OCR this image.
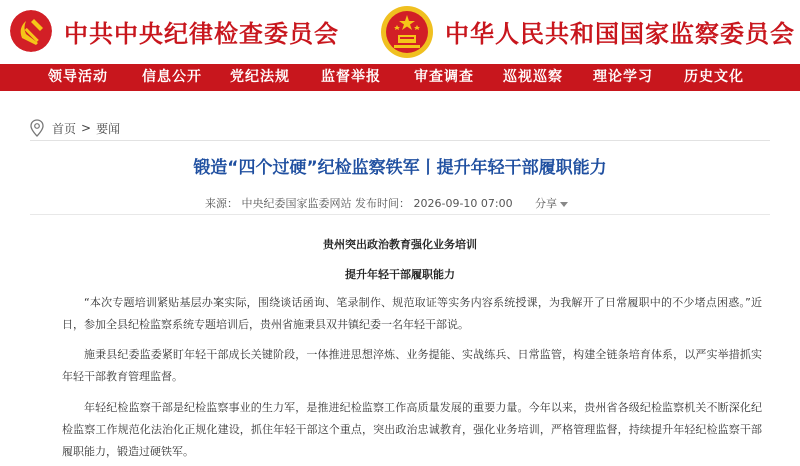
中共中央纪律检查委员会	中华人民共和国国家监察委员会
领导活动 信息公开 党纪法规 监督举报 审查调查 巡视巡察 理论学习 历史文化
首页 > 要闻
锻造“四个过硬”纪检监察铁军丨提升年轻干部履职能力
来源： 中央纪委国家监委网站 发布时间： 2026-09-10 07:00 分享
贵州突出政治教育强化业务培训
提升年轻干部履职能力

“本次专题培训紧贴基层办案实际，围绕谈话函询、笔录制作、规范取证等实务内容系统授课，为我解开了日常履职中的不少堵点困惑。”近日，参加全县纪检监察系统专题培训后，贵州省施秉县双井镇纪委一名年轻干部说。

施秉县纪委监委紧盯年轻干部成长关键阶段，一体推进思想淬炼、业务提能、实战练兵、日常监管，构建全链条培育体系，以严实举措抓实年轻干部教育管理监督。

年轻纪检监察干部是纪检监察事业的生力军，是推进纪检监察工作高质量发展的重要力量。今年以来，贵州省各级纪检监察机关不断深化纪检监察工作规范化法治化正规化建设，抓住年轻干部这个重点，突出政治忠诚教育，强化业务培训，严格管理监督，持续提升年轻纪检监察干部履职能力，锻造过硬铁军。
